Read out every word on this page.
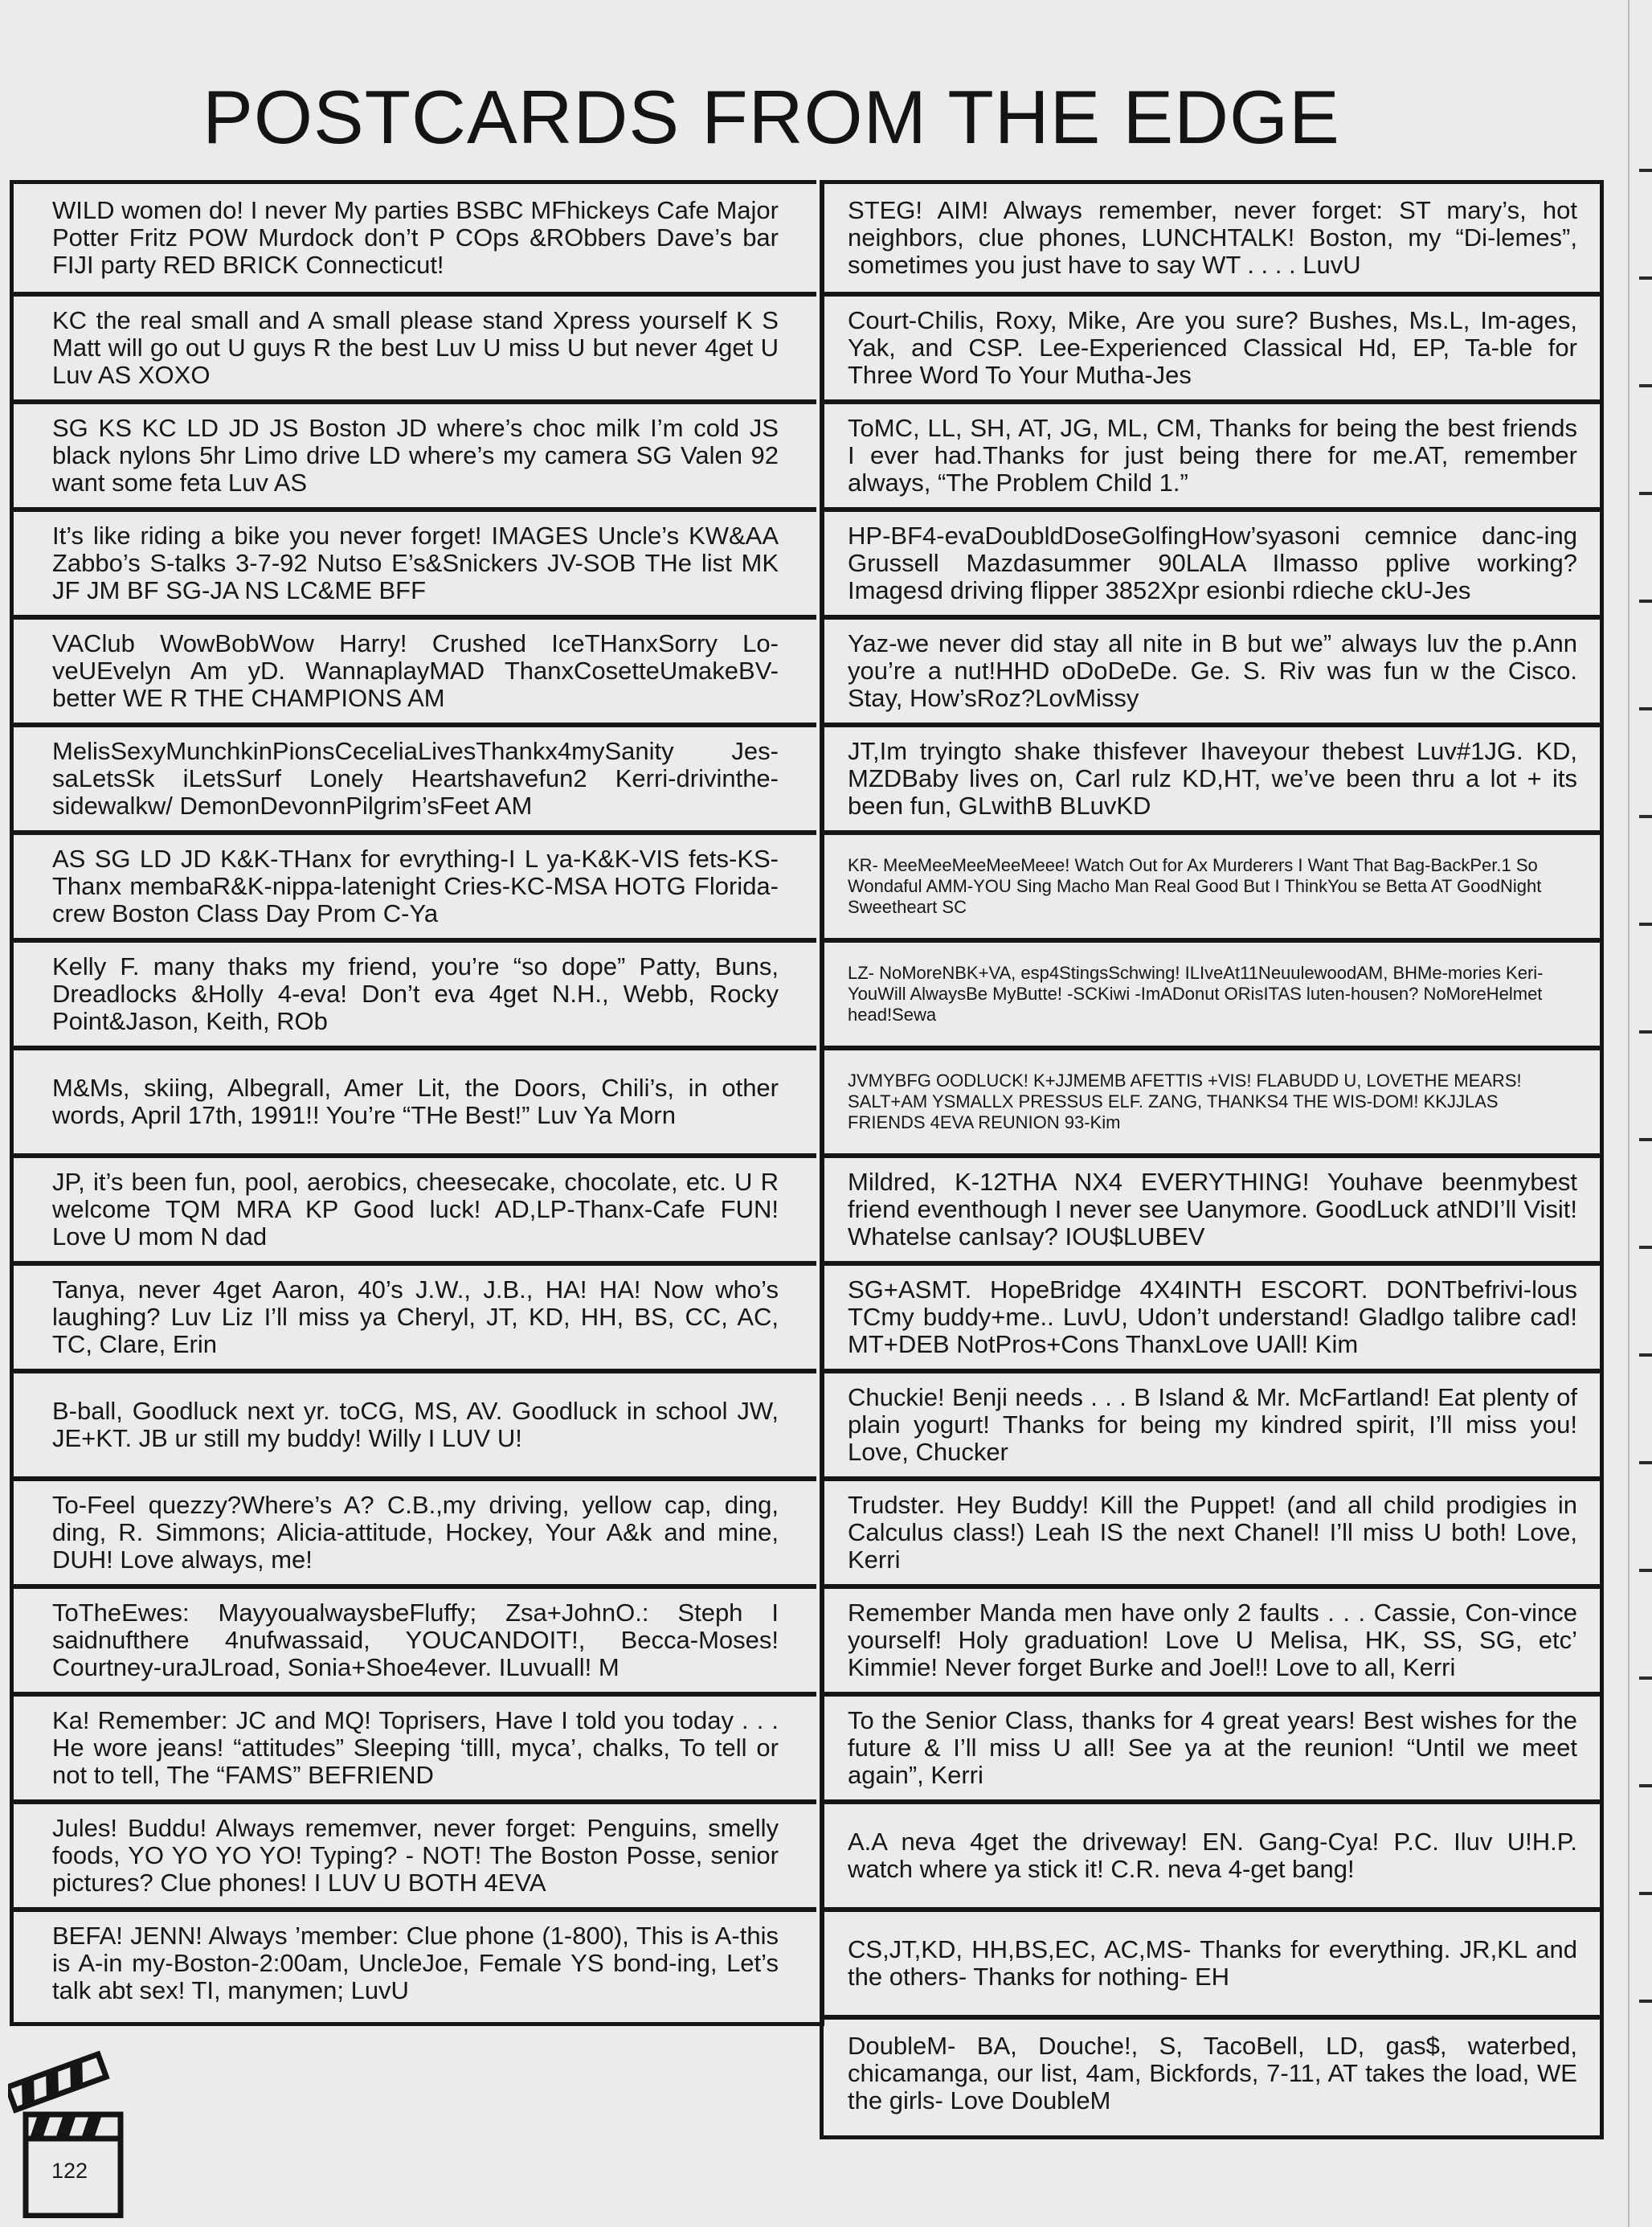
POSTCARDS FROM THE EDGE
WILD women do! I never My parties BSBC MFhickeys Cafe Major Potter Fritz POW Murdock don’t P COps &RObbers Dave’s bar FIJI party RED BRICK Connecticut!
KC the real small and A small please stand Xpress yourself K S Matt will go out U guys R the best Luv U miss U but never 4get U Luv AS XOXO
SG KS KC LD JD JS Boston JD where’s choc milk I’m cold JS black nylons 5hr Limo drive LD where’s my camera SG Valen 92 want some feta Luv AS
It’s like riding a bike you never forget! IMAGES Uncle’s KW&AA Zabbo’s S-talks 3-7-92 Nutso E’s&Snickers JV-SOB THe list MK JF JM BF SG-JA NS LC&ME BFF
VAClub WowBobWow Harry! Crushed IceTHanxSorry Lo-veUEvelyn Am yD. WannaplayMAD ThanxCosetteUmakeBV-better WE R THE CHAMPIONS AM
MelisSexyMunchkinPionsCeceliaLivesThankx4mySanity Jes-saLetsSk iLetsSurf Lonely Heartshavefun2 Kerri-drivinthe-sidewalkw/ DemonDevonnPilgrim’sFeet AM
AS SG LD JD K&K-THanx for evrything-I L ya-K&K-VIS fets-KS-Thanx membaR&K-nippa-latenight Cries-KC-MSA HOTG Florida-crew Boston Class Day Prom C-Ya
Kelly F. many thaks my friend, you’re “so dope” Patty, Buns, Dreadlocks &Holly 4-eva! Don’t eva 4get N.H., Webb, Rocky Point&Jason, Keith, ROb
M&Ms, skiing, Albegrall, Amer Lit, the Doors, Chili’s, in other words, April 17th, 1991!! You’re “THe Best!” Luv Ya Morn
JP, it’s been fun, pool, aerobics, cheesecake, chocolate, etc. U R welcome TQM MRA KP Good luck! AD,LP-Thanx-Cafe FUN! Love U mom N dad
Tanya, never 4get Aaron, 40’s J.W., J.B., HA! HA! Now who’s laughing? Luv Liz I’ll miss ya Cheryl, JT, KD, HH, BS, CC, AC, TC, Clare, Erin
B-ball, Goodluck next yr. toCG, MS, AV. Goodluck in school JW, JE+KT. JB ur still my buddy! Willy I LUV U!
To-Feel quezzy?Where’s A? C.B.,my driving, yellow cap, ding, ding, R. Simmons; Alicia-attitude, Hockey, Your A&k and mine, DUH! Love always, me!
ToTheEwes: MayyoualwaysbeFluffy; Zsa+JohnO.: Steph I saidnufthere 4nufwassaid, YOUCANDOIT!, Becca-Moses! Courtney-uraJLroad, Sonia+Shoe4ever. ILuvuall! M
Ka! Remember: JC and MQ! Toprisers, Have I told you today . . . He wore jeans! “attitudes” Sleeping ‘tilll, myca’, chalks, To tell or not to tell, The “FAMS” BEFRIEND
Jules! Buddu! Always rememver, never forget: Penguins, smelly foods, YO YO YO YO! Typing? - NOT! The Boston Posse, senior pictures? Clue phones! I LUV U BOTH 4EVA
BEFA! JENN! Always ’member: Clue phone (1-800), This is A-this is A-in my-Boston-2:00am, UncleJoe, Female YS bond-ing, Let’s talk abt sex! TI, manymen; LuvU
STEG! AIM! Always remember, never forget: ST mary’s, hot neighbors, clue phones, LUNCHTALK! Boston, my “Di-lemes”, sometimes you just have to say WT . . . . LuvU
Court-Chilis, Roxy, Mike, Are you sure? Bushes, Ms.L, Im-ages, Yak, and CSP. Lee-Experienced Classical Hd, EP, Ta-ble for Three Word To Your Mutha-Jes
ToMC, LL, SH, AT, JG, ML, CM, Thanks for being the best friends I ever had.Thanks for just being there for me.AT, remember always, “The Problem Child 1.”
HP-BF4-evaDoubldDoseGolfingHow’syasoni cemnice danc-ing Grussell Mazdasummer 90LALA Ilmasso pplive working? Imagesd driving flipper 3852Xpr esionbi rdieche ckU-Jes
Yaz-we never did stay all nite in B but we” always luv the p.Ann you’re a nut!HHD oDoDeDe. Ge. S. Riv was fun w the Cisco. Stay, How’sRoz?LovMissy
JT,Im tryingto shake thisfever Ihaveyour thebest Luv#1JG. KD, MZDBaby lives on, Carl rulz KD,HT, we’ve been thru a lot + its been fun, GLwithB BLuvKD
KR- MeeMeeMeeMeeMeee! Watch Out for Ax Murderers I Want That Bag-BackPer.1 So Wondaful AMM-YOU Sing Macho Man Real Good But I ThinkYou se Betta AT GoodNight Sweetheart SC
LZ- NoMoreNBK+VA, esp4StingsSchwing! ILIveAt11NeuulewoodAM, BHMe-mories Keri-YouWill AlwaysBe MyButte! -SCKiwi -ImADonut ORisITAS luten-housen? NoMoreHelmet head!Sewa
JVMYBFG OODLUCK! K+JJMEMB AFETTIS +VIS! FLABUDD U, LOVETHE MEARS! SALT+AM YSMALLX PRESSUS ELF. ZANG, THANKS4 THE WIS-DOM! KKJJLAS FRIENDS 4EVA REUNION 93-Kim
Mildred, K-12THA NX4 EVERYTHING! Youhave beenmybest friend eventhough I never see Uanymore. GoodLuck atNDI’ll Visit! Whatelse canIsay? IOU$LUBEV
SG+ASMT. HopeBridge 4X4INTH ESCORT. DONTbefrivi-lous TCmy buddy+me.. LuvU, Udon’t understand! Gladlgo talibre cad! MT+DEB NotPros+Cons ThanxLove UAll! Kim
Chuckie! Benji needs . . . B Island & Mr. McFartland! Eat plenty of plain yogurt! Thanks for being my kindred spirit, I’ll miss you! Love, Chucker
Trudster. Hey Buddy! Kill the Puppet! (and all child prodigies in Calculus class!) Leah IS the next Chanel! I’ll miss U both! Love, Kerri
Remember Manda men have only 2 faults . . . Cassie, Con-vince yourself! Holy graduation! Love U Melisa, HK, SS, SG, etc’ Kimmie! Never forget Burke and Joel!! Love to all, Kerri
To the Senior Class, thanks for 4 great years! Best wishes for the future & I’ll miss U all! See ya at the reunion! “Until we meet again”, Kerri
A.A neva 4get the driveway! EN. Gang-Cya! P.C. Iluv U!H.P. watch where ya stick it! C.R. neva 4-get bang!
CS,JT,KD, HH,BS,EC, AC,MS- Thanks for everything. JR,KL and the others- Thanks for nothing- EH
DoubleM- BA, Douche!, S, TacoBell, LD, gas$, waterbed, chicamanga, our list, 4am, Bickfords, 7-11, AT takes the load, WE the girls- Love DoubleM
122
